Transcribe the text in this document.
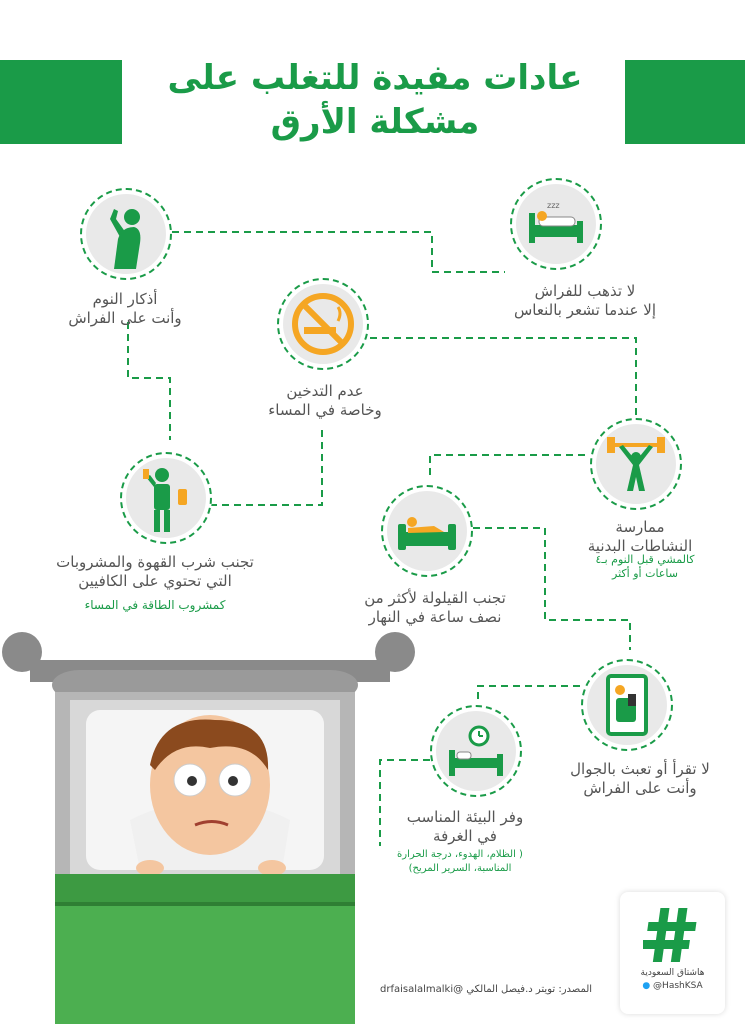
عادات مفيدة للتغلب على
مشكلة الأرق
zzz
لا تذهب للفراش
إلا عندما تشعر بالنعاس
أذكار النوم
وأنت على الفراش
عدم التدخين
وخاصة في المساء
ممارسة
النشاطات البدنية
كالمشي قبل النوم بـ٤
ساعات أو أكثر
تجنب شرب القهوة والمشروبات
التي تحتوي على الكافيين
كمشروب الطاقة في المساء	تجنب القيلولة لأكثر من
نصف ساعة في النهار
لا تقرأ أو تعبث بالجوال
وأنت على الفراش
وفر البيئة المناسب
في الغرفة
( الظلام، الهدوء، درجة الحرارة
المناسبة، السرير المريح)
المصدر: تويتر د.فيصل المالكي @drfaisalalmalki
هاشتاق السعودية
● @HashKSA
